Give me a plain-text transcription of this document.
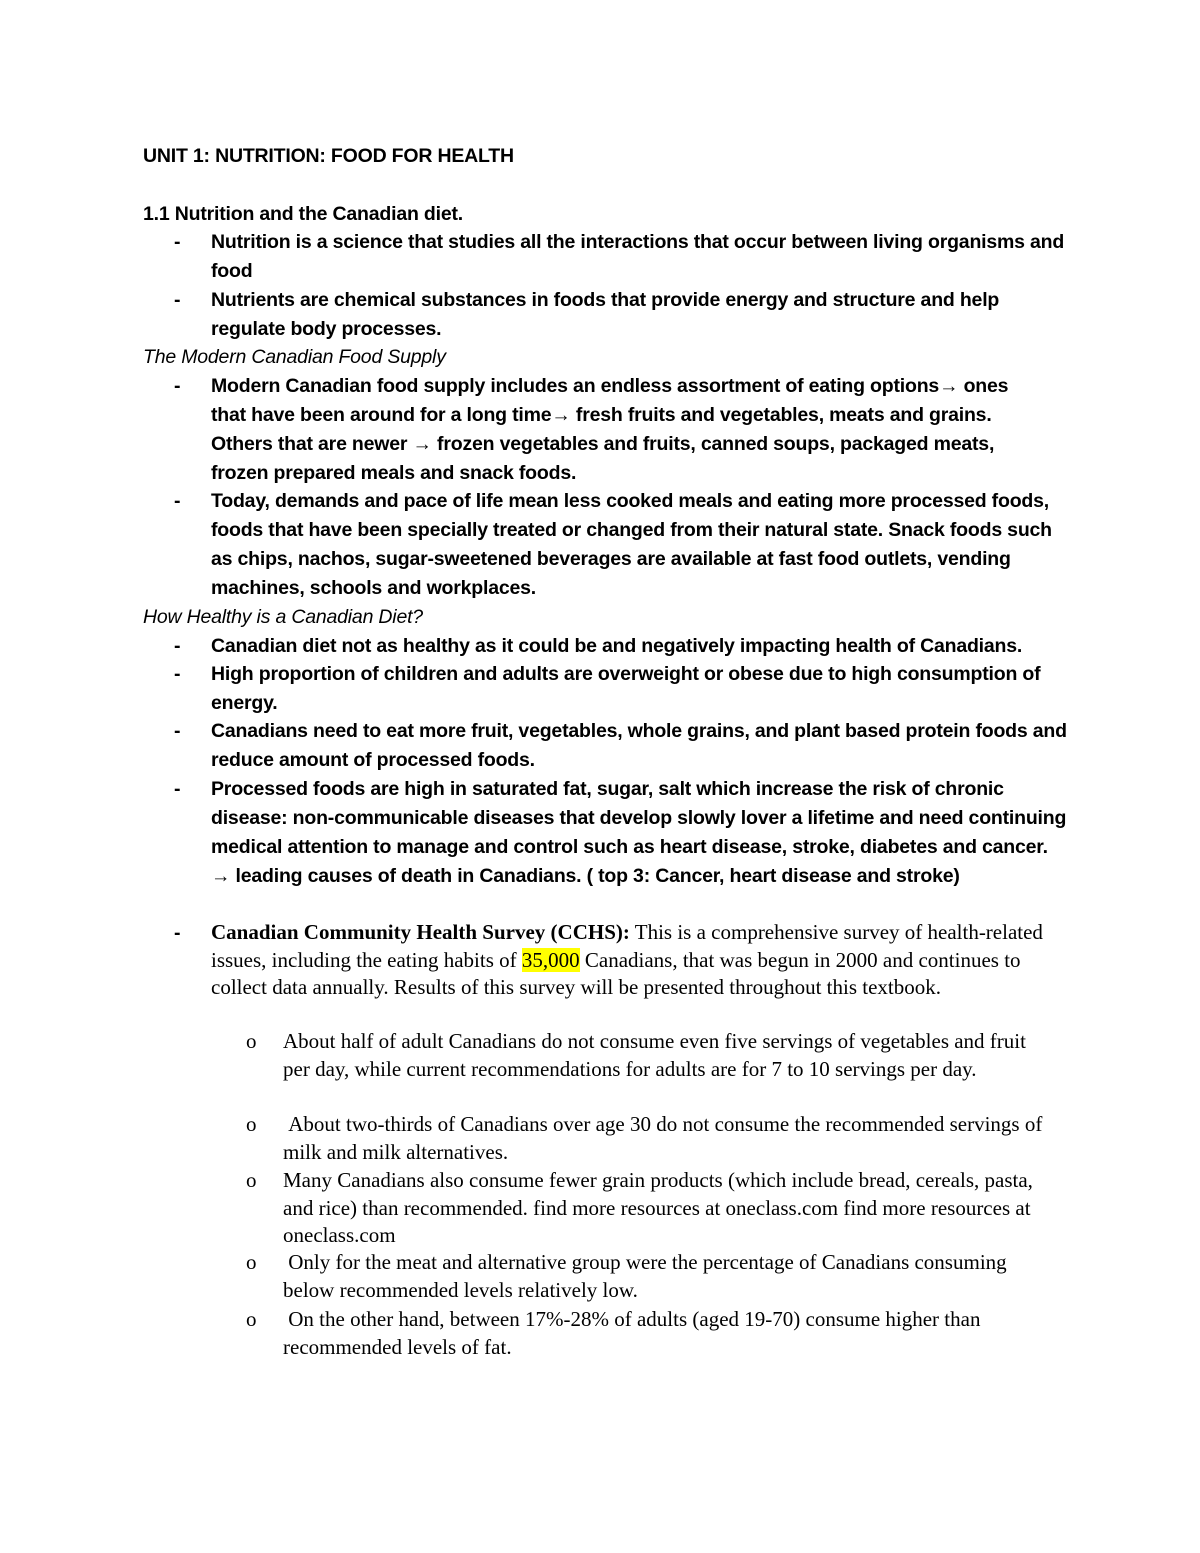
UNIT 1: NUTRITION: FOOD FOR HEALTH
1.1 Nutrition and the Canadian diet.
- Nutrition is a science that studies all the interactions that occur between living organisms and food
- Nutrients are chemical substances in foods that provide energy and structure and help regulate body processes.
The Modern Canadian Food Supply
- Modern Canadian food supply includes an endless assortment of eating options→ ones
that have been around for a long time→ fresh fruits and vegetables, meats and grains.
Others that are newer → frozen vegetables and fruits, canned soups, packaged meats,
frozen prepared meals and snack foods.
- Today, demands and pace of life mean less cooked meals and eating more processed foods, foods that have been specially treated or changed from their natural state. Snack foods such as chips, nachos, sugar-sweetened beverages are available at fast food outlets, vending machines, schools and workplaces.
How Healthy is a Canadian Diet?
- Canadian diet not as healthy as it could be and negatively impacting health of Canadians.
- High proportion of children and adults are overweight or obese due to high consumption of energy.
- Canadians need to eat more fruit, vegetables, whole grains, and plant based protein foods and reduce amount of processed foods.
- Processed foods are high in saturated fat, sugar, salt which increase the risk of chronic disease: non-communicable diseases that develop slowly lover a lifetime and need continuing medical attention to manage and control such as heart disease, stroke, diabetes and cancer. → leading causes of death in Canadians. ( top 3: Cancer, heart disease and stroke)
- Canadian Community Health Survey (CCHS): This is a comprehensive survey of health-related issues, including the eating habits of 35,000 Canadians, that was begun in 2000 and continues to collect data annually. Results of this survey will be presented throughout this textbook.
o About half of adult Canadians do not consume even five servings of vegetables and fruit per day, while current recommendations for adults are for 7 to 10 servings per day.
o About two-thirds of Canadians over age 30 do not consume the recommended servings of milk and milk alternatives.
o Many Canadians also consume fewer grain products (which include bread, cereals, pasta, and rice) than recommended. find more resources at oneclass.com find more resources at oneclass.com
o Only for the meat and alternative group were the percentage of Canadians consuming below recommended levels relatively low.
o On the other hand, between 17%-28% of adults (aged 19-70) consume higher than recommended levels of fat.
